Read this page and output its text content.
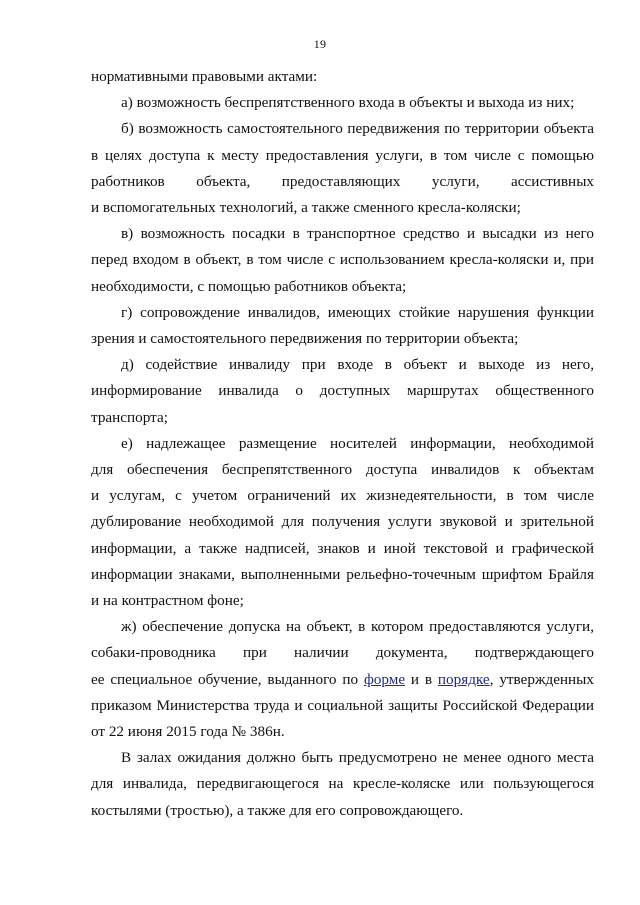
19

нормативными правовыми актами:

а) возможность беспрепятственного входа в объекты и выхода из них;

б) возможность самостоятельного передвижения по территории объекта

в целях доступа к месту предоставления услуги, в том числе с помощью

работников объекта, предоставляющих услуги, ассистивных

и вспомогательных технологий, а также сменного кресла-коляски;

в) возможность посадки в транспортное средство и высадки из него

перед входом в объект, в том числе с использованием кресла-коляски и, при

необходимости, с помощью работников объекта;

г) сопровождение инвалидов, имеющих стойкие нарушения функции

зрения и самостоятельного передвижения по территории объекта;

д) содействие инвалиду при входе в объект и выходе из него,

информирование инвалида о доступных маршрутах общественного

транспорта;

е) надлежащее размещение носителей информации, необходимой

для обеспечения беспрепятственного доступа инвалидов к объектам

и услугам, с учетом ограничений их жизнедеятельности, в том числе

дублирование необходимой для получения услуги звуковой и зрительной

информации, а также надписей, знаков и иной текстовой и графической

информации знаками, выполненными рельефно-точечным шрифтом Брайля

и на контрастном фоне;

ж) обеспечение допуска на объект, в котором предоставляются услуги,

собаки-проводника при наличии документа, подтверждающего

ее специальное обучение, выданного по форме и в порядке, утвержденных

приказом Министерства труда и социальной защиты Российской Федерации

от 22 июня 2015 года № 386н.

В залах ожидания должно быть предусмотрено не менее одного места

для инвалида, передвигающегося на кресле-коляске или пользующегося

костылями (тростью), а также для его сопровождающего.
